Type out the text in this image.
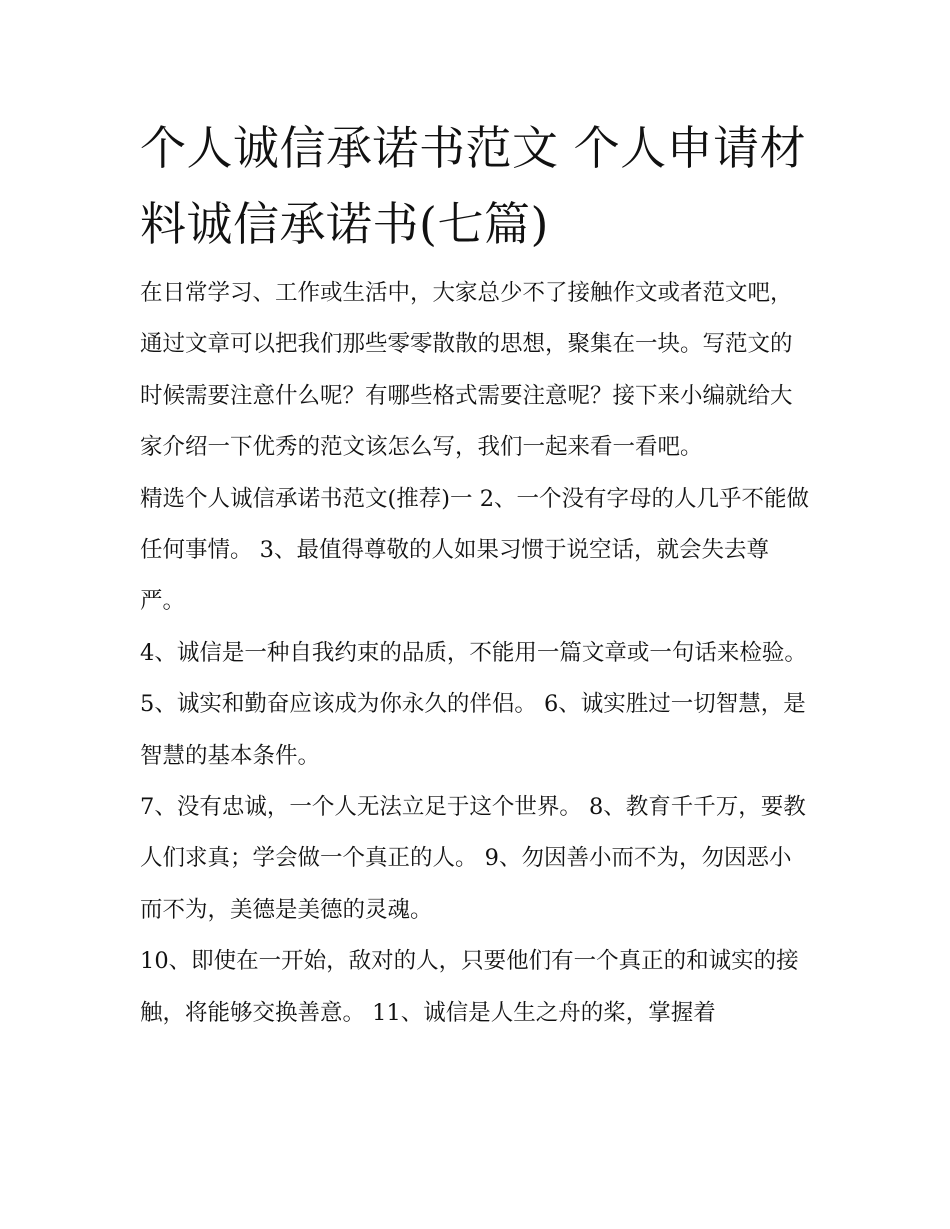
个人诚信承诺书范文 个人申请材料诚信承诺书(七篇)

在日常学习、工作或生活中，大家总少不了接触作文或者范文吧，通过文章可以把我们那些零零散散的思想，聚集在一块。写范文的时候需要注意什么呢？有哪些格式需要注意呢？接下来小编就给大家介绍一下优秀的范文该怎么写，我们一起来看一看吧。

精选个人诚信承诺书范文(推荐)一 2、一个没有字母的人几乎不能做任何事情。 3、最值得尊敬的人如果习惯于说空话，就会失去尊严。

4、诚信是一种自我约束的品质，不能用一篇文章或一句话来检验。 5、诚实和勤奋应该成为你永久的伴侣。 6、诚实胜过一切智慧，是智慧的基本条件。

7、没有忠诚，一个人无法立足于这个世界。 8、教育千千万，要教人们求真；学会做一个真正的人。 9、勿因善小而不为，勿因恶小而不为，美德是美德的灵魂。

10、即使在一开始，敌对的人，只要他们有一个真正的和诚实的接触，将能够交换善意。 11、诚信是人生之舟的桨，掌握着
